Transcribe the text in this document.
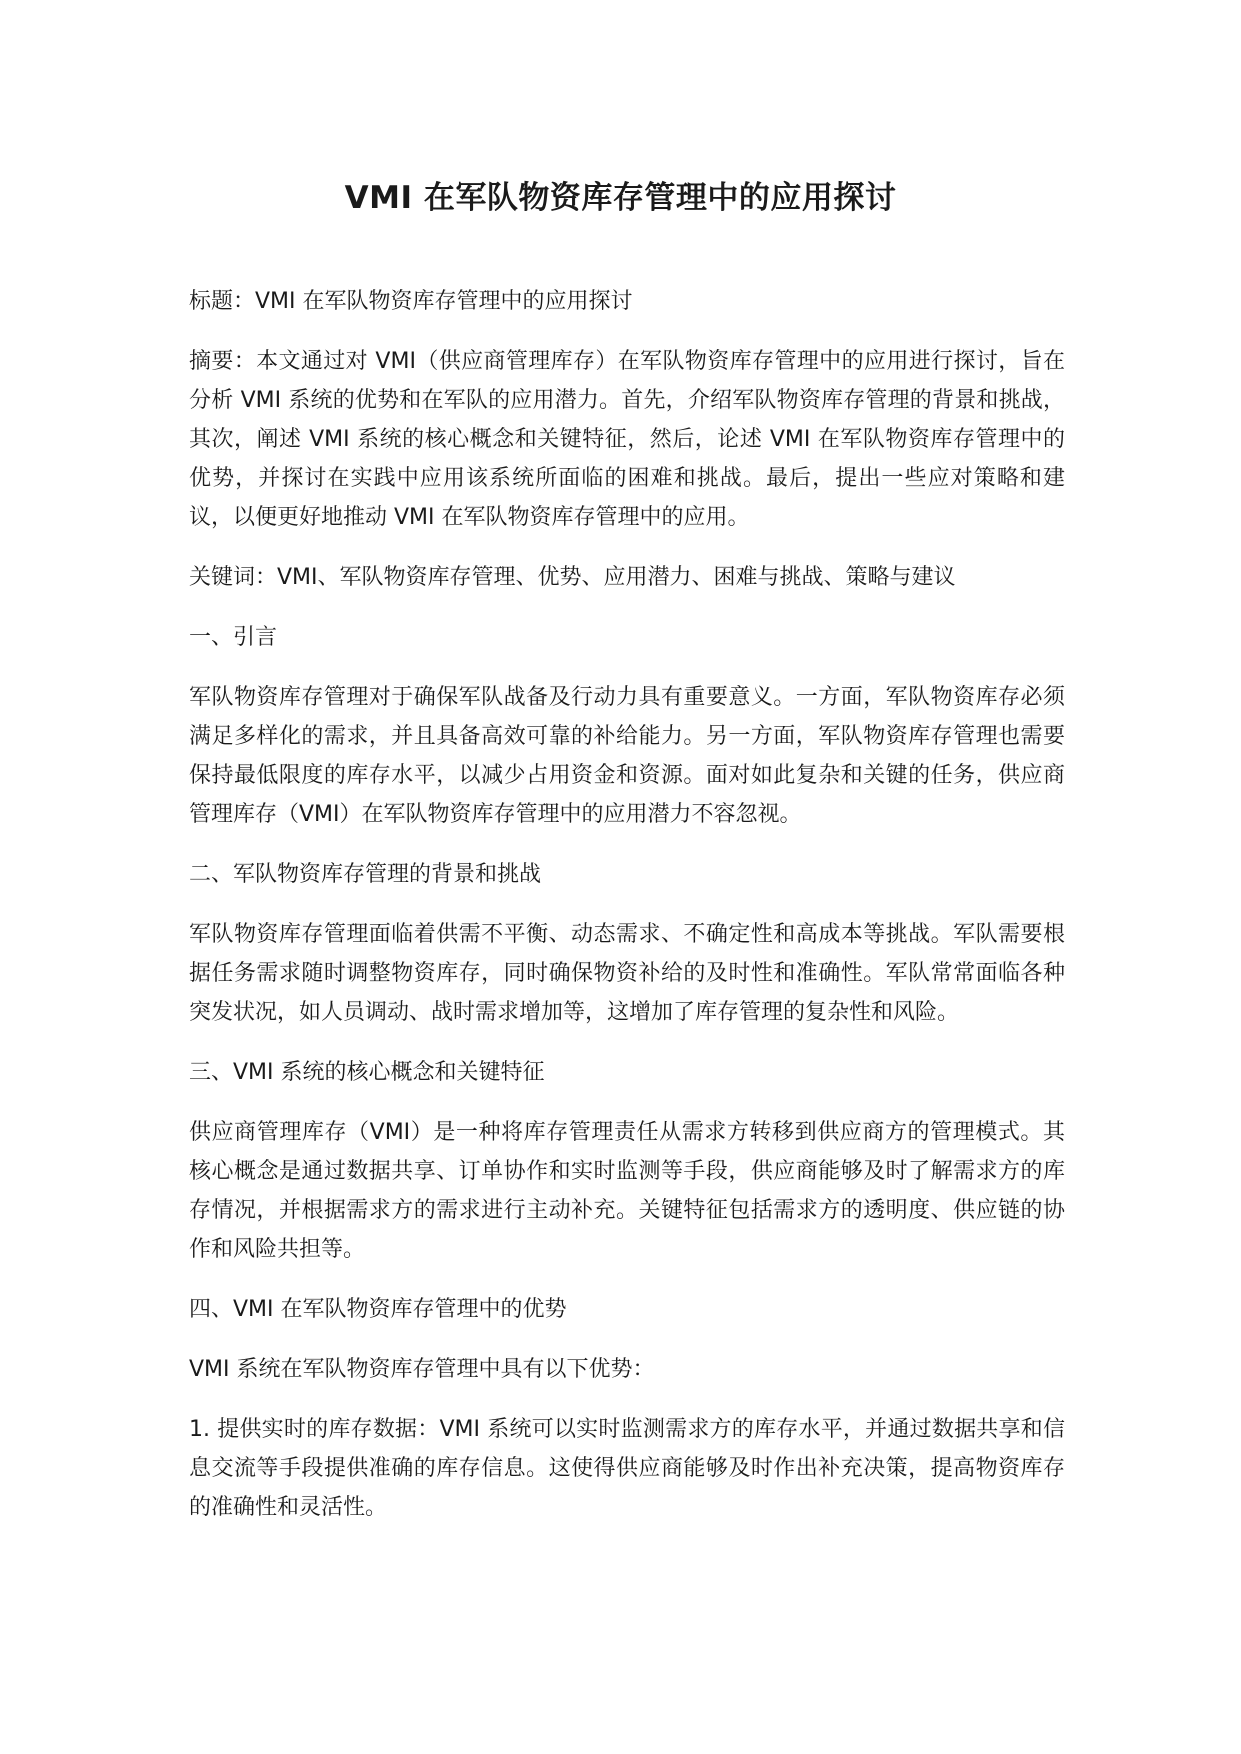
VMI 在军队物资库存管理中的应用探讨

标题：VMI 在军队物资库存管理中的应用探讨

摘要：本文通过对 VMI（供应商管理库存）在军队物资库存管理中的应用进行探讨，旨在分析 VMI 系统的优势和在军队的应用潜力。首先，介绍军队物资库存管理的背景和挑战，其次，阐述 VMI 系统的核心概念和关键特征，然后，论述 VMI 在军队物资库存管理中的优势，并探讨在实践中应用该系统所面临的困难和挑战。最后，提出一些应对策略和建议，以便更好地推动 VMI 在军队物资库存管理中的应用。

关键词：VMI、军队物资库存管理、优势、应用潜力、困难与挑战、策略与建议

一、引言

军队物资库存管理对于确保军队战备及行动力具有重要意义。一方面，军队物资库存必须满足多样化的需求，并且具备高效可靠的补给能力。另一方面，军队物资库存管理也需要保持最低限度的库存水平，以减少占用资金和资源。面对如此复杂和关键的任务，供应商管理库存（VMI）在军队物资库存管理中的应用潜力不容忽视。

二、军队物资库存管理的背景和挑战

军队物资库存管理面临着供需不平衡、动态需求、不确定性和高成本等挑战。军队需要根据任务需求随时调整物资库存，同时确保物资补给的及时性和准确性。军队常常面临各种突发状况，如人员调动、战时需求增加等，这增加了库存管理的复杂性和风险。

三、VMI 系统的核心概念和关键特征

供应商管理库存（VMI）是一种将库存管理责任从需求方转移到供应商方的管理模式。其核心概念是通过数据共享、订单协作和实时监测等手段，供应商能够及时了解需求方的库存情况，并根据需求方的需求进行主动补充。关键特征包括需求方的透明度、供应链的协作和风险共担等。

四、VMI 在军队物资库存管理中的优势

VMI 系统在军队物资库存管理中具有以下优势：

1. 提供实时的库存数据：VMI 系统可以实时监测需求方的库存水平，并通过数据共享和信息交流等手段提供准确的库存信息。这使得供应商能够及时作出补充决策，提高物资库存的准确性和灵活性。
